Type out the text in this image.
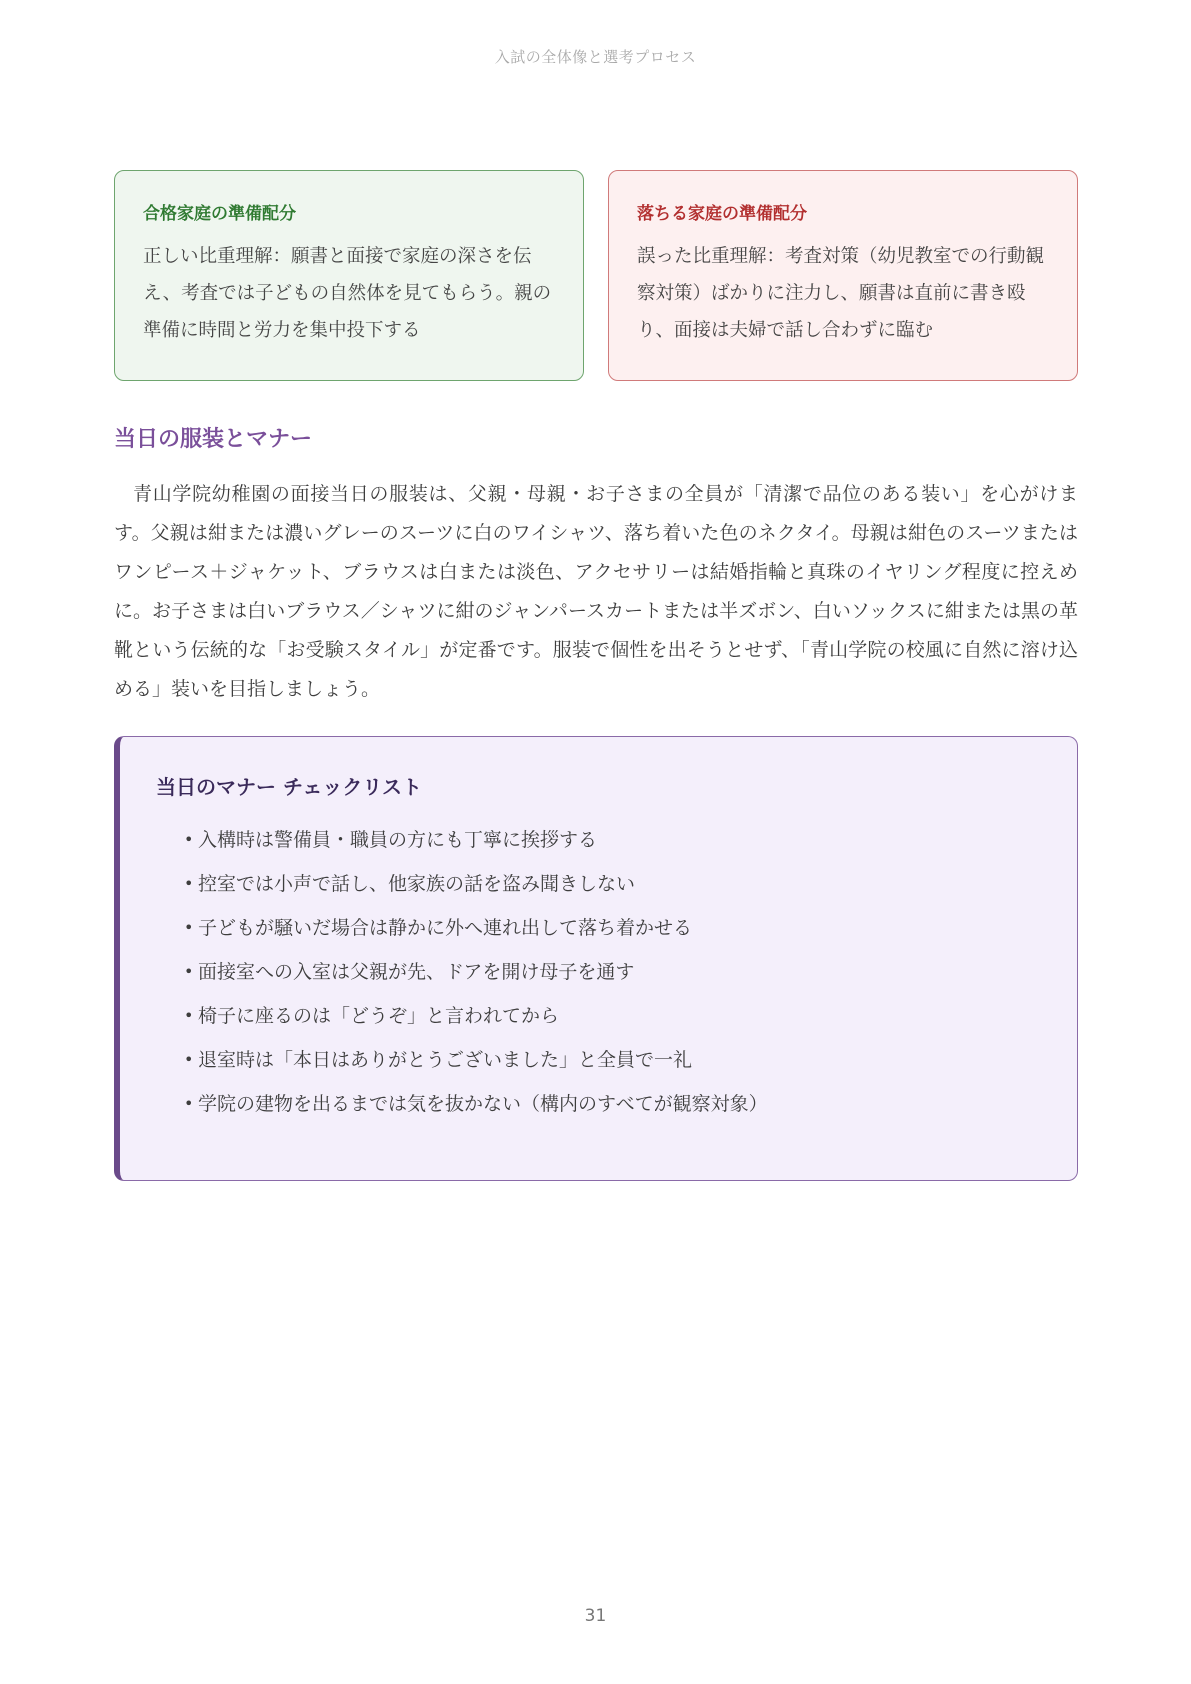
入試の全体像と選考プロセス
合格家庭の準備配分
正しい比重理解：願書と面接で家庭の深さを伝え、考査では子どもの自然体を見てもらう。親の準備に時間と労力を集中投下する
落ちる家庭の準備配分
誤った比重理解：考査対策（幼児教室での行動観察対策）ばかりに注力し、願書は直前に書き殴り、面接は夫婦で話し合わずに臨む
当日の服装とマナー
青山学院幼稚園の面接当日の服装は、父親・母親・お子さまの全員が「清潔で品位のある装い」を心がけます。父親は紺または濃いグレーのスーツに白のワイシャツ、落ち着いた色のネクタイ。母親は紺色のスーツまたはワンピース＋ジャケット、ブラウスは白または淡色、アクセサリーは結婚指輪と真珠のイヤリング程度に控えめに。お子さまは白いブラウス／シャツに紺のジャンパースカートまたは半ズボン、白いソックスに紺または黒の革靴という伝統的な「お受験スタイル」が定番です。服装で個性を出そうとせず、「青山学院の校風に自然に溶け込める」装いを目指しましょう。
当日のマナー チェックリスト
• 入構時は警備員・職員の方にも丁寧に挨拶する
• 控室では小声で話し、他家族の話を盗み聞きしない
• 子どもが騒いだ場合は静かに外へ連れ出して落ち着かせる
• 面接室への入室は父親が先、ドアを開け母子を通す
• 椅子に座るのは「どうぞ」と言われてから
• 退室時は「本日はありがとうございました」と全員で一礼
• 学院の建物を出るまでは気を抜かない（構内のすべてが観察対象）
31
